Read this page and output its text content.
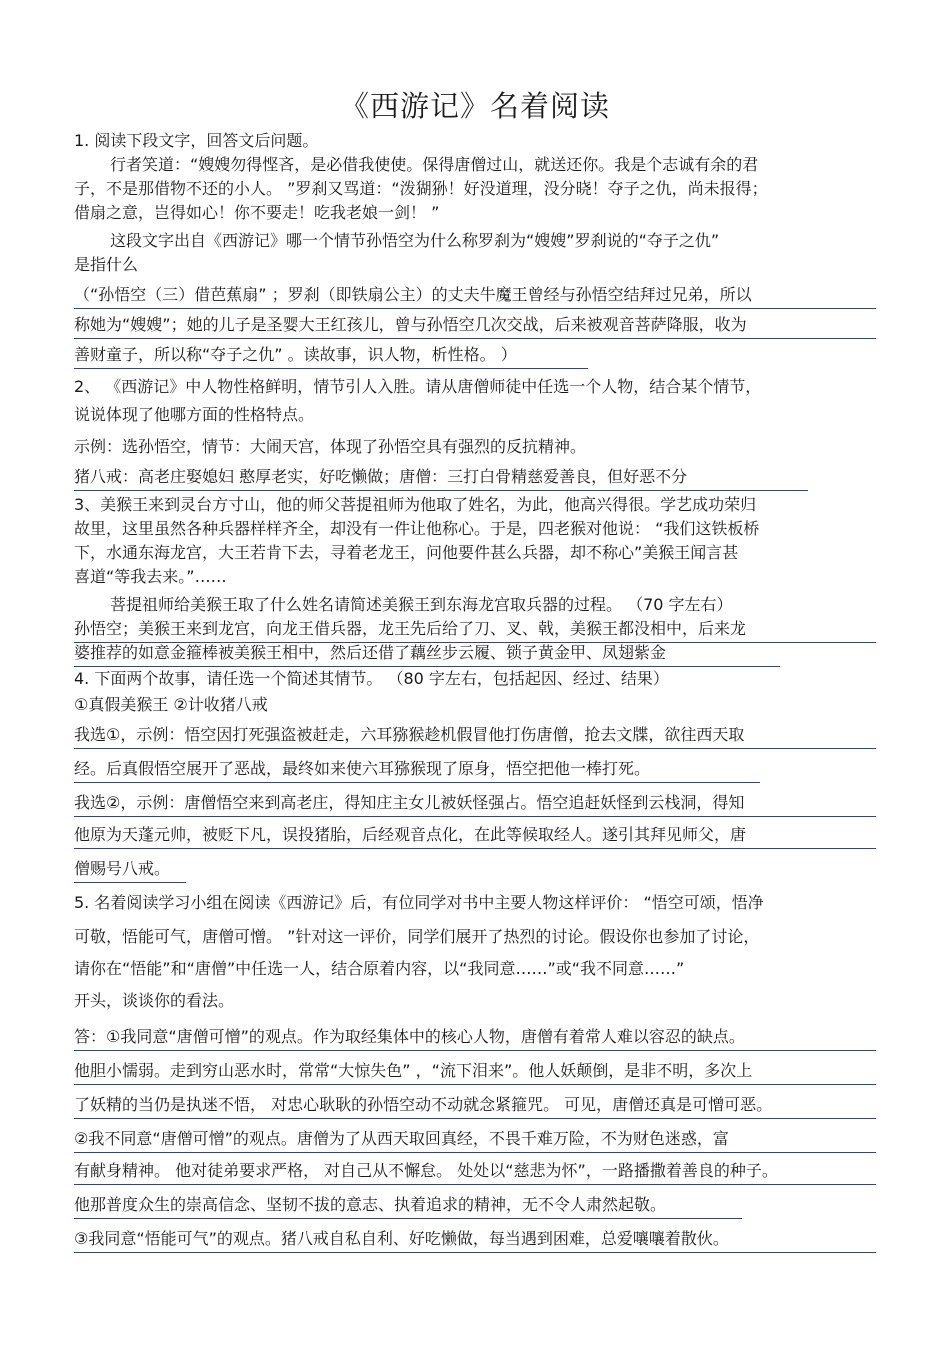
《西游记》名着阅读
1. 阅读下段文字，回答文后问题。
行者笑道：“嫂嫂勿得悭吝，是必借我使使。保得唐僧过山，就送还你。我是个志诚有余的君
子，不是那借物不还的小人。 ”罗刹又骂道：“泼猢狲！好没道理，没分晓！夺子之仇，尚未报得；
借扇之意，岂得如心！你不要走！吃我老娘一剑！ ”
这段文字出自《西游记》哪一个情节孙悟空为什么称罗刹为“嫂嫂”罗刹说的“夺子之仇”
是指什么
（“孙悟空（三）借芭蕉扇” ；罗刹（即铁扇公主）的丈夫牛魔王曾经与孙悟空结拜过兄弟，所以
称她为“嫂嫂”；她的儿子是圣婴大王红孩儿，曾与孙悟空几次交战，后来被观音菩萨降服，收为
善财童子，所以称“夺子之仇” 。读故事，识人物，析性格。 ）
2、 《西游记》中人物性格鲜明，情节引人入胜。请从唐僧师徒中任选一个人物，结合某个情节，
说说体现了他哪方面的性格特点。
示例：选孙悟空，情节：大闹天宫，体现了孙悟空具有强烈的反抗精神。
猪八戒：高老庄娶媳妇 憨厚老实，好吃懒做；唐僧：三打白骨精慈爱善良，但好恶不分
3、美猴王来到灵台方寸山，他的师父菩提祖师为他取了姓名，为此，他高兴得很。学艺成功荣归
故里，这里虽然各种兵器样样齐全，却没有一件让他称心。于是，四老猴对他说： “我们这铁板桥
下，水通东海龙宫，大王若肯下去，寻着老龙王，问他要件甚么兵器，却不称心”美猴王闻言甚
喜道“等我去来。”……
菩提祖师给美猴王取了什么姓名请简述美猴王到东海龙宫取兵器的过程。 （70 字左右）
孙悟空；美猴王来到龙宫，向龙王借兵器，龙王先后给了刀、叉、戟，美猴王都没相中，后来龙
婆推荐的如意金箍棒被美猴王相中，然后还借了藕丝步云履、锁子黄金甲、凤翅紫金
4. 下面两个故事，请任选一个简述其情节。 （80 字左右，包括起因、经过、结果）
①真假美猴王 ②计收猪八戒
我选①，示例：悟空因打死强盗被赶走，六耳猕猴趁机假冒他打伤唐僧，抢去文牒，欲往西天取
经。后真假悟空展开了恶战，最终如来使六耳猕猴现了原身，悟空把他一棒打死。
我选②，示例：唐僧悟空来到高老庄，得知庄主女儿被妖怪强占。悟空追赶妖怪到云栈洞，得知
他原为天蓬元帅，被贬下凡，误投猪胎，后经观音点化，在此等候取经人。遂引其拜见师父，唐
僧赐号八戒。
5. 名着阅读学习小组在阅读《西游记》后，有位同学对书中主要人物这样评价： “悟空可颂，悟净
可敬，悟能可气，唐僧可憎。 ”针对这一评价，同学们展开了热烈的讨论。假设你也参加了讨论，
请你在“悟能”和“唐僧”中任选一人，结合原着内容，以“我同意……”或“我不同意……”
开头，谈谈你的看法。
答：①我同意“唐僧可憎”的观点。作为取经集体中的核心人物，唐僧有着常人难以容忍的缺点。
他胆小懦弱。走到穷山恶水时，常常“大惊失色” ，“流下泪来”。他人妖颠倒，是非不明，多次上
了妖精的当仍是执迷不悟， 对忠心耿耿的孙悟空动不动就念紧箍咒。 可见，唐僧还真是可憎可恶。
②我不同意“唐僧可憎”的观点。唐僧为了从西天取回真经，不畏千难万险，不为财色迷惑，富
有献身精神。 他对徒弟要求严格， 对自己从不懈怠。 处处以“慈悲为怀”，一路播撒着善良的种子。
他那普度众生的崇高信念、坚韧不拔的意志、执着追求的精神，无不令人肃然起敬。
③我同意“悟能可气”的观点。猪八戒自私自利、好吃懒做，每当遇到困难，总爱嚷嚷着散伙。
